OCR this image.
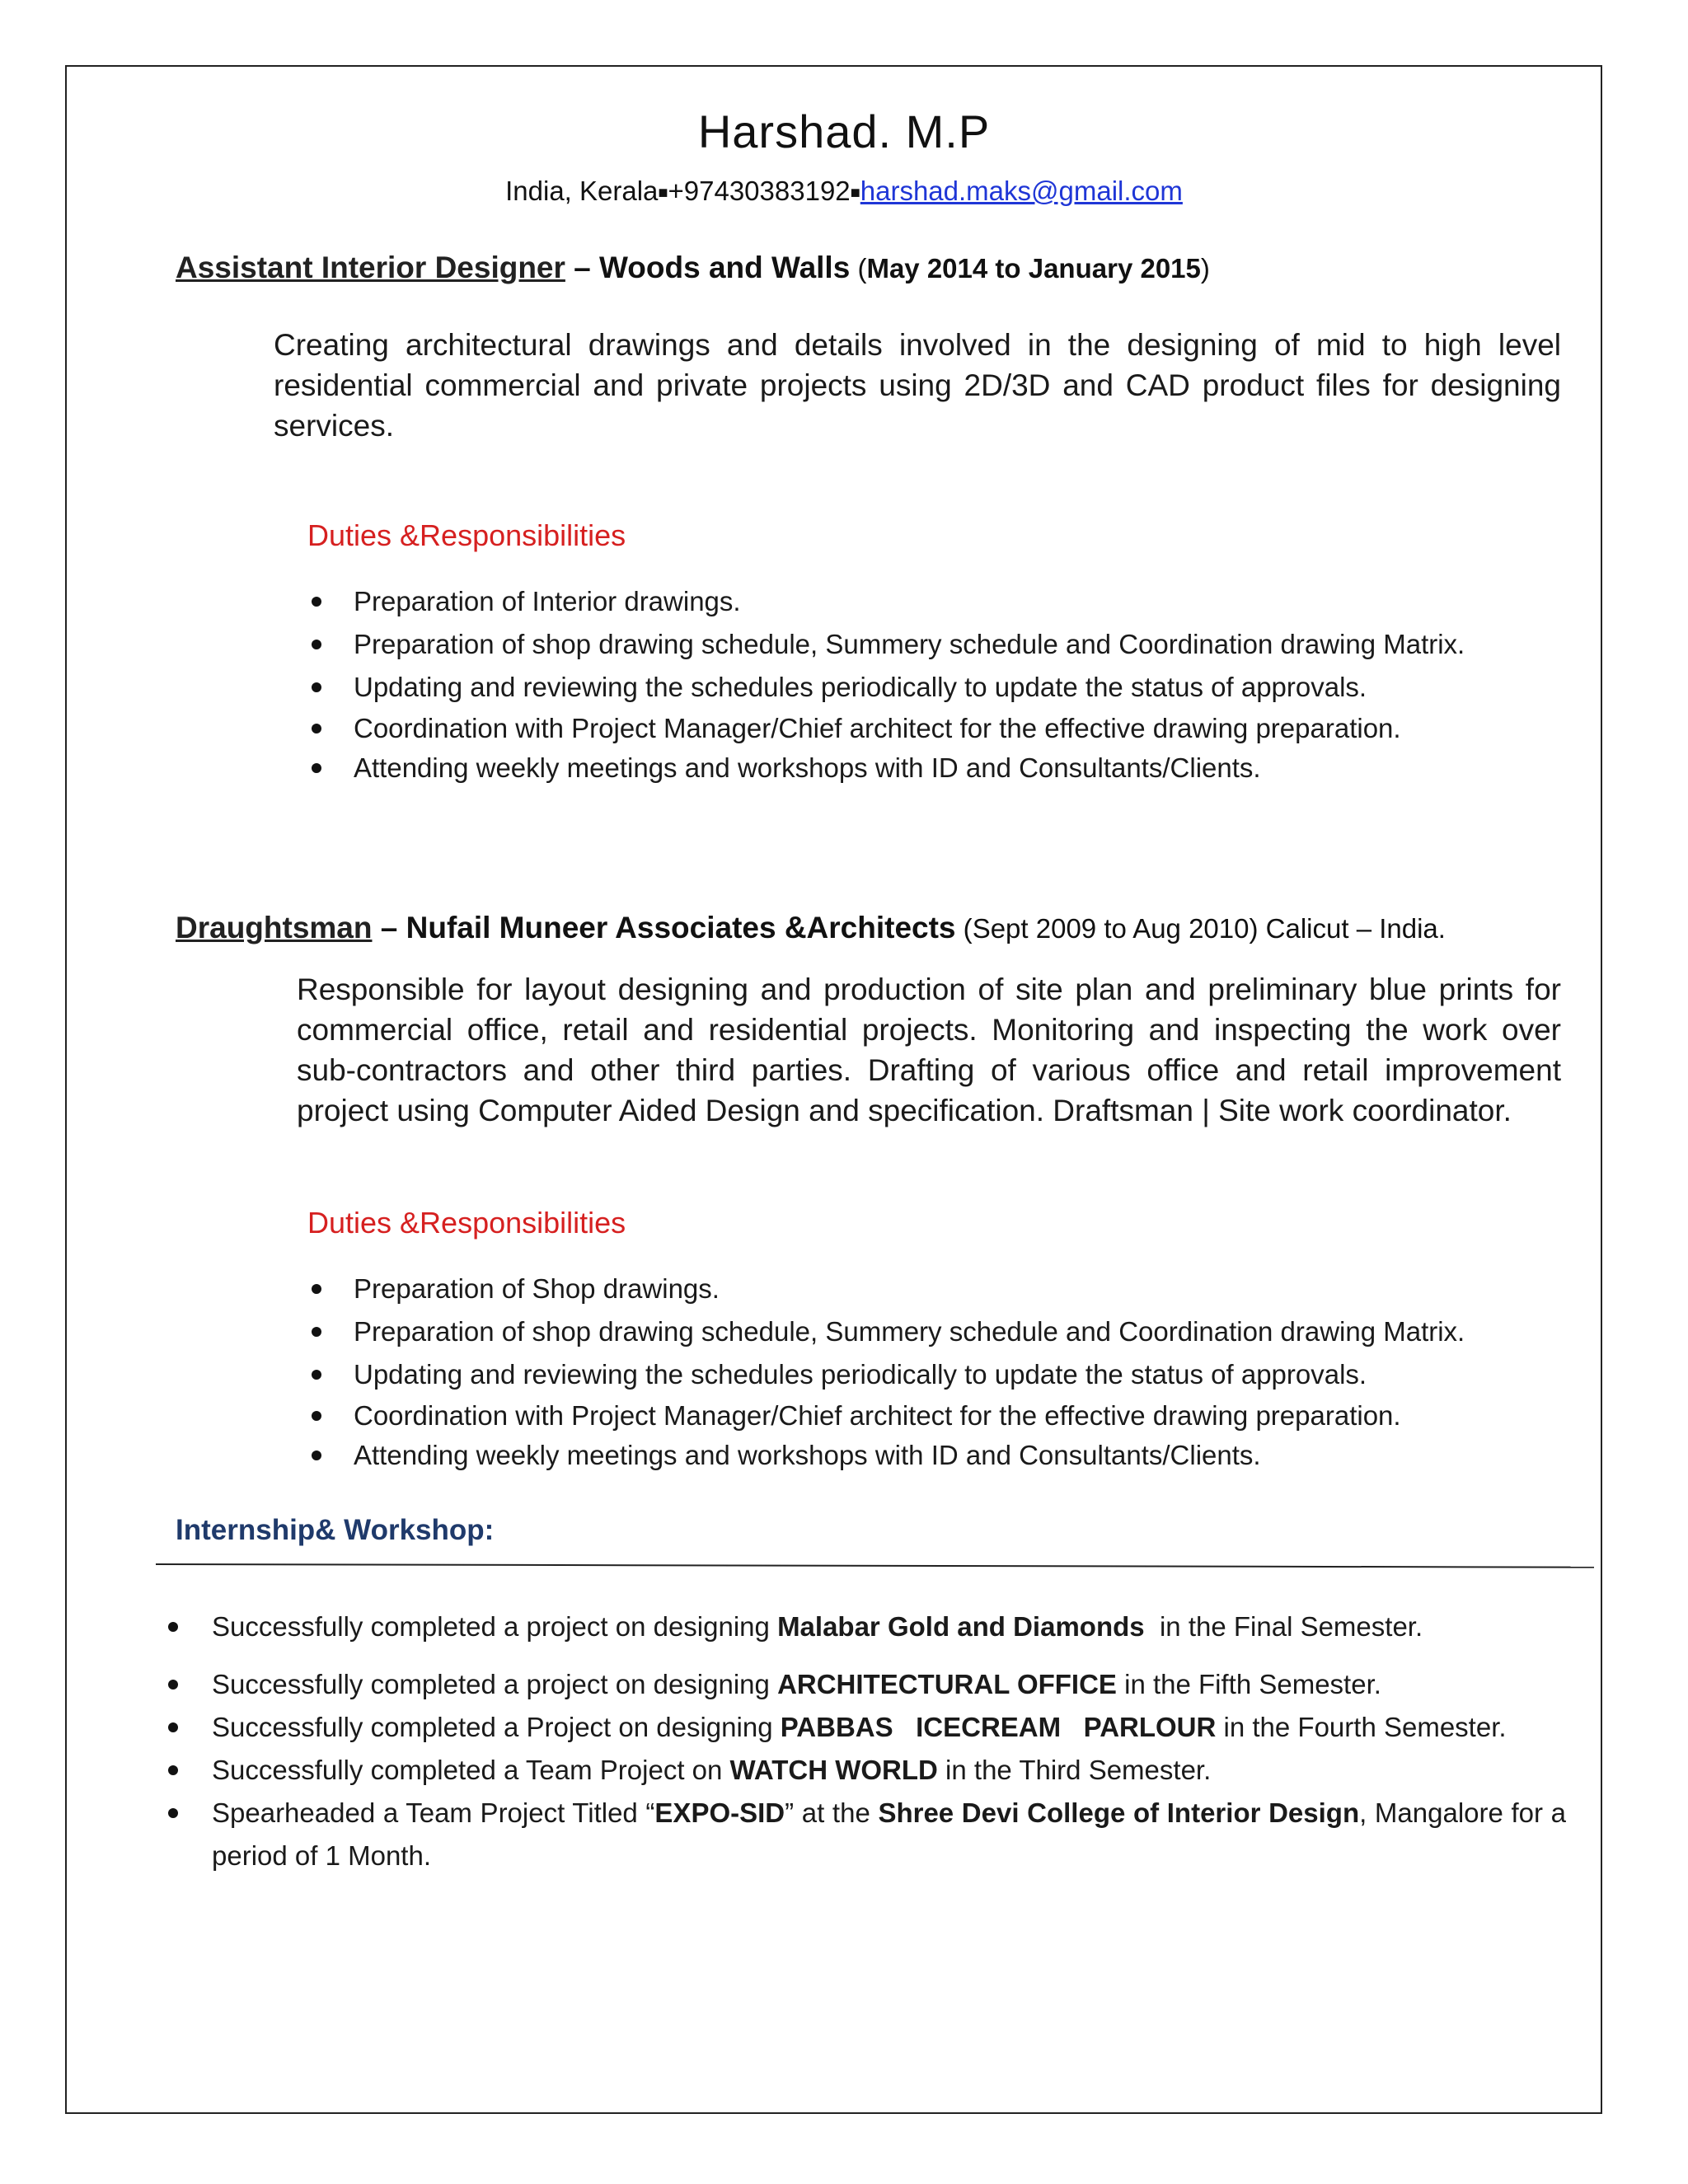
Harshad. M.P
India, Kerala■+97430383192■harshad.maks@gmail.com
Assistant Interior Designer – Woods and Walls (May 2014 to January 2015)
Creating architectural drawings and details involved in the designing of mid to high level residential commercial and private projects using 2D/3D and CAD product files for designing services.
Duties &Responsibilities
Preparation of Interior drawings.
Preparation of shop drawing schedule, Summery schedule and Coordination drawing Matrix.
Updating and reviewing the schedules periodically to update the status of approvals.
Coordination with Project Manager/Chief architect for the effective drawing preparation.
Attending weekly meetings and workshops with ID and Consultants/Clients.
Draughtsman – Nufail Muneer Associates &Architects (Sept 2009 to Aug 2010) Calicut – India.
Responsible for layout designing and production of site plan and preliminary blue prints for commercial office, retail and residential projects. Monitoring and inspecting the work over sub-contractors and other third parties. Drafting of various office and retail improvement project using Computer Aided Design and specification. Draftsman | Site work coordinator.
Duties &Responsibilities
Preparation of Shop drawings.
Preparation of shop drawing schedule, Summery schedule and Coordination drawing Matrix.
Updating and reviewing the schedules periodically to update the status of approvals.
Coordination with Project Manager/Chief architect for the effective drawing preparation.
Attending weekly meetings and workshops with ID and Consultants/Clients.
Internship& Workshop:
Successfully completed a project on designing Malabar Gold and Diamonds  in the Final Semester.
Successfully completed a project on designing ARCHITECTURAL OFFICE in the Fifth Semester.
Successfully completed a Project on designing PABBAS   ICECREAM   PARLOUR in the Fourth Semester.
Successfully completed a Team Project on WATCH WORLD in the Third Semester.
Spearheaded a Team Project Titled “EXPO-SID” at the Shree Devi College of Interior Design, Mangalore for a period of 1 Month.
